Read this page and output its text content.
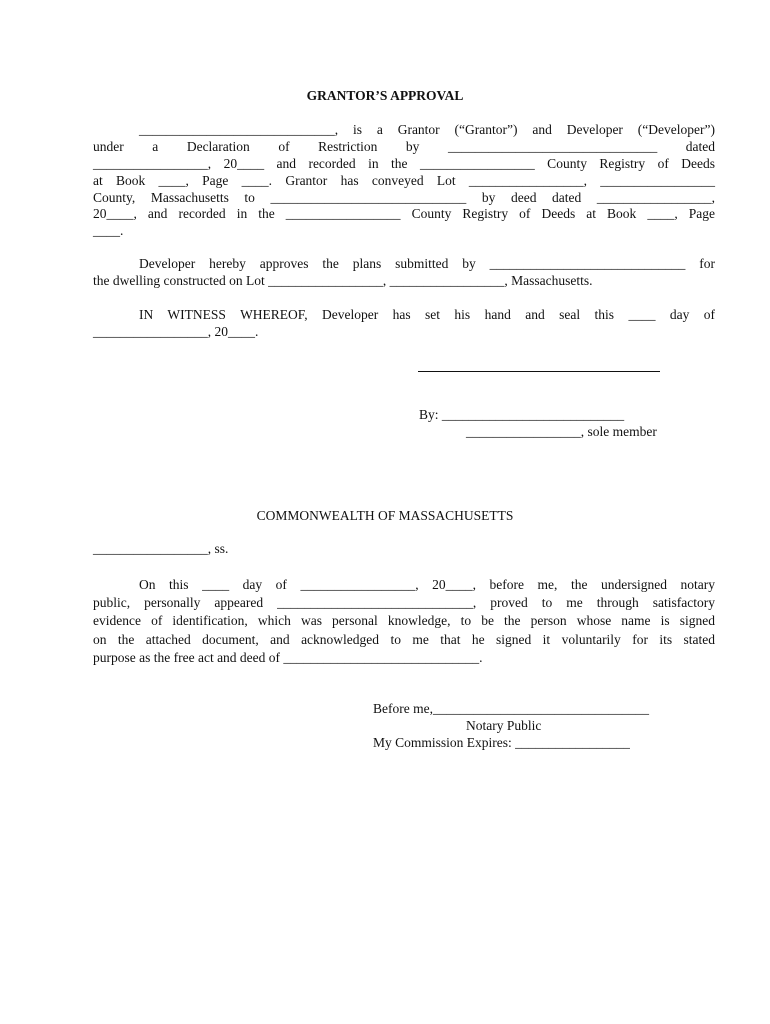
GRANTOR’S APPROVAL
_____________________________, is a Grantor (“Grantor”) and Developer (“Developer”)
under a Declaration of Restriction by _______________________________ dated
_________________, 20____ and recorded in the _________________ County Registry of Deeds
at Book ____, Page ____. Grantor has conveyed Lot _________________, _________________
County, Massachusetts to _____________________________ by deed dated _________________,
20____, and recorded in the _________________ County Registry of Deeds at Book ____, Page
____.
Developer hereby approves the plans submitted by _____________________________ for
the dwelling constructed on Lot _________________, _________________, Massachusetts.
IN WITNESS WHEREOF, Developer has set his hand and seal this ____ day of
_________________, 20____.
By: ___________________________
_________________, sole member
COMMONWEALTH OF MASSACHUSETTS
_________________, ss.
On this ____ day of _________________, 20____, before me, the undersigned notary
public, personally appeared _____________________________, proved to me through satisfactory
evidence of identification, which was personal knowledge, to be the person whose name is signed
on the attached document, and acknowledged to me that he signed it voluntarily for its stated
purpose as the free act and deed of _____________________________.
Before me,________________________________
Notary Public
My Commission Expires: _________________
